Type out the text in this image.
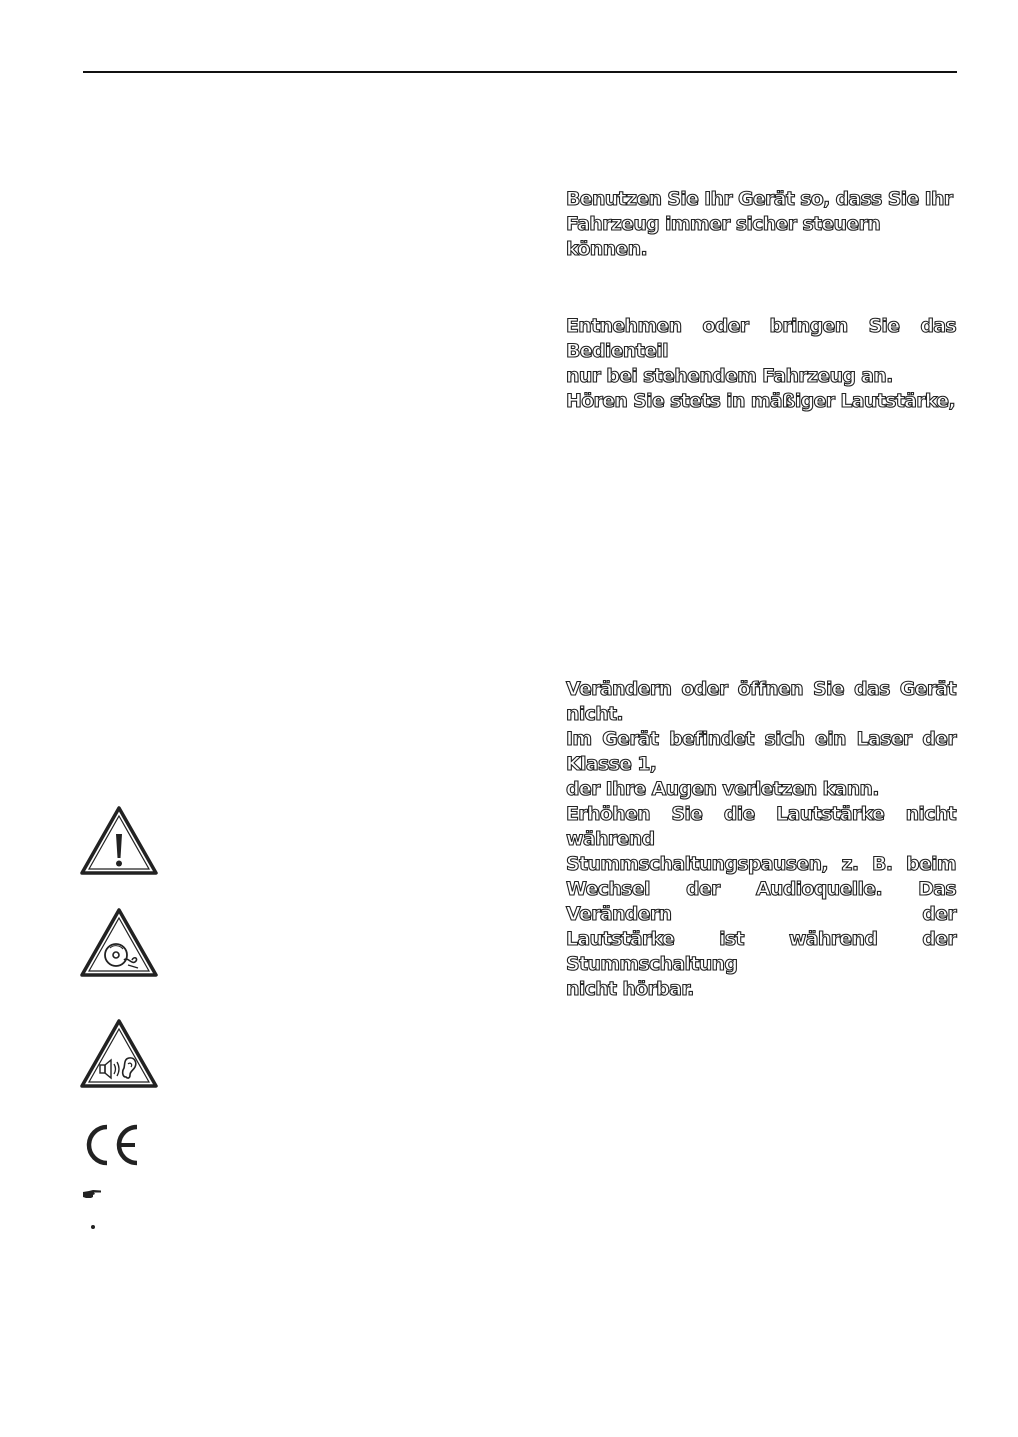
Benutzen Sie Ihr Gerät so, dass Sie Ihr
Fahrzeug immer sicher steuern können.
Entnehmen oder bringen Sie das Bedienteil
nur bei stehendem Fahrzeug an.
Hören Sie stets in mäßiger Lautstärke,
Verändern oder öffnen Sie das Gerät nicht.
Im Gerät befindet sich ein Laser der Klasse 1,
der Ihre Augen verletzen kann.
Erhöhen Sie die Lautstärke nicht während
Stummschaltungspausen, z. B. beim
Wechsel der Audioquelle. Das Verändern der
Lautstärke ist während der Stummschaltung
nicht hörbar.
